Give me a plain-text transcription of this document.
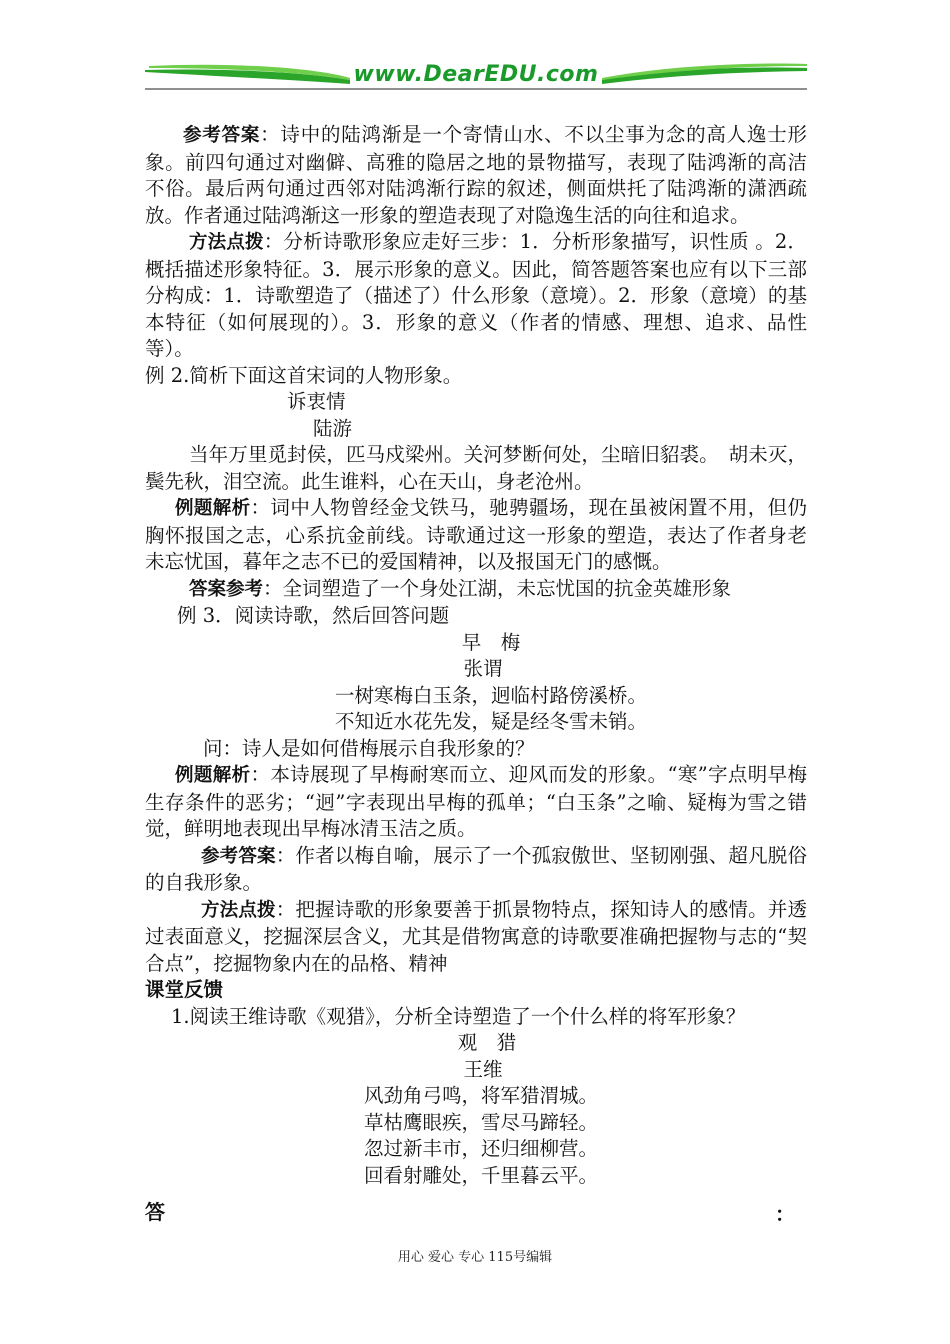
www.DearEDU.com

参考答案：诗中的陆鸿渐是一个寄情山水、不以尘事为念的高人逸士形象。前四句通过对幽僻、高雅的隐居之地的景物描写，表现了陆鸿渐的高洁不俗。最后两句通过西邻对陆鸿渐行踪的叙述，侧面烘托了陆鸿渐的潇洒疏放。作者通过陆鸿渐这一形象的塑造表现了对隐逸生活的向往和追求。

方法点拨：分析诗歌形象应走好三步：1．分析形象描写，识性质 。2．概括描述形象特征。3．展示形象的意义。因此，简答题答案也应有以下三部分构成：1．诗歌塑造了（描述了）什么形象（意境）。2．形象（意境）的基本特征（如何展现的）。3．形象的意义（作者的情感、理想、追求、品性等）。

例 2.简析下面这首宋词的人物形象。

诉衷情

陆游

当年万里觅封侯，匹马戍梁州。关河梦断何处，尘暗旧貂裘。　胡未灭，鬓先秋，泪空流。此生谁料，心在天山，身老沧州。

例题解析：词中人物曾经金戈铁马，驰骋疆场，现在虽被闲置不用，但仍胸怀报国之志，心系抗金前线。诗歌通过这一形象的塑造，表达了作者身老未忘忧国，暮年之志不已的爱国精神，以及报国无门的感慨。

答案参考：全词塑造了一个身处江湖，未忘忧国的抗金英雄形象

例 3．阅读诗歌，然后回答问题

早　梅

张谓

一树寒梅白玉条，迥临村路傍溪桥。

不知近水花先发，疑是经冬雪未销。

问：诗人是如何借梅展示自我形象的？

例题解析：本诗展现了早梅耐寒而立、迎风而发的形象。“寒”字点明早梅生存条件的恶劣；“迥”字表现出早梅的孤单；“白玉条”之喻、疑梅为雪之错觉，鲜明地表现出早梅冰清玉洁之质。

参考答案：作者以梅自喻，展示了一个孤寂傲世、坚韧刚强、超凡脱俗的自我形象。

方法点拨：把握诗歌的形象要善于抓景物特点，探知诗人的感情。并透过表面意义，挖掘深层含义，尤其是借物寓意的诗歌要准确把握物与志的“契合点”，挖掘物象内在的品格、精神

课堂反馈

1.阅读王维诗歌《观猎》，分析全诗塑造了一个什么样的将军形象？

观　猎

王维

风劲角弓鸣，将军猎渭城。

草枯鹰眼疾，雪尽马蹄轻。

忽过新丰市，还归细柳营。

回看射雕处，千里暮云平。

答	：
用心 爱心 专心 115号编辑
